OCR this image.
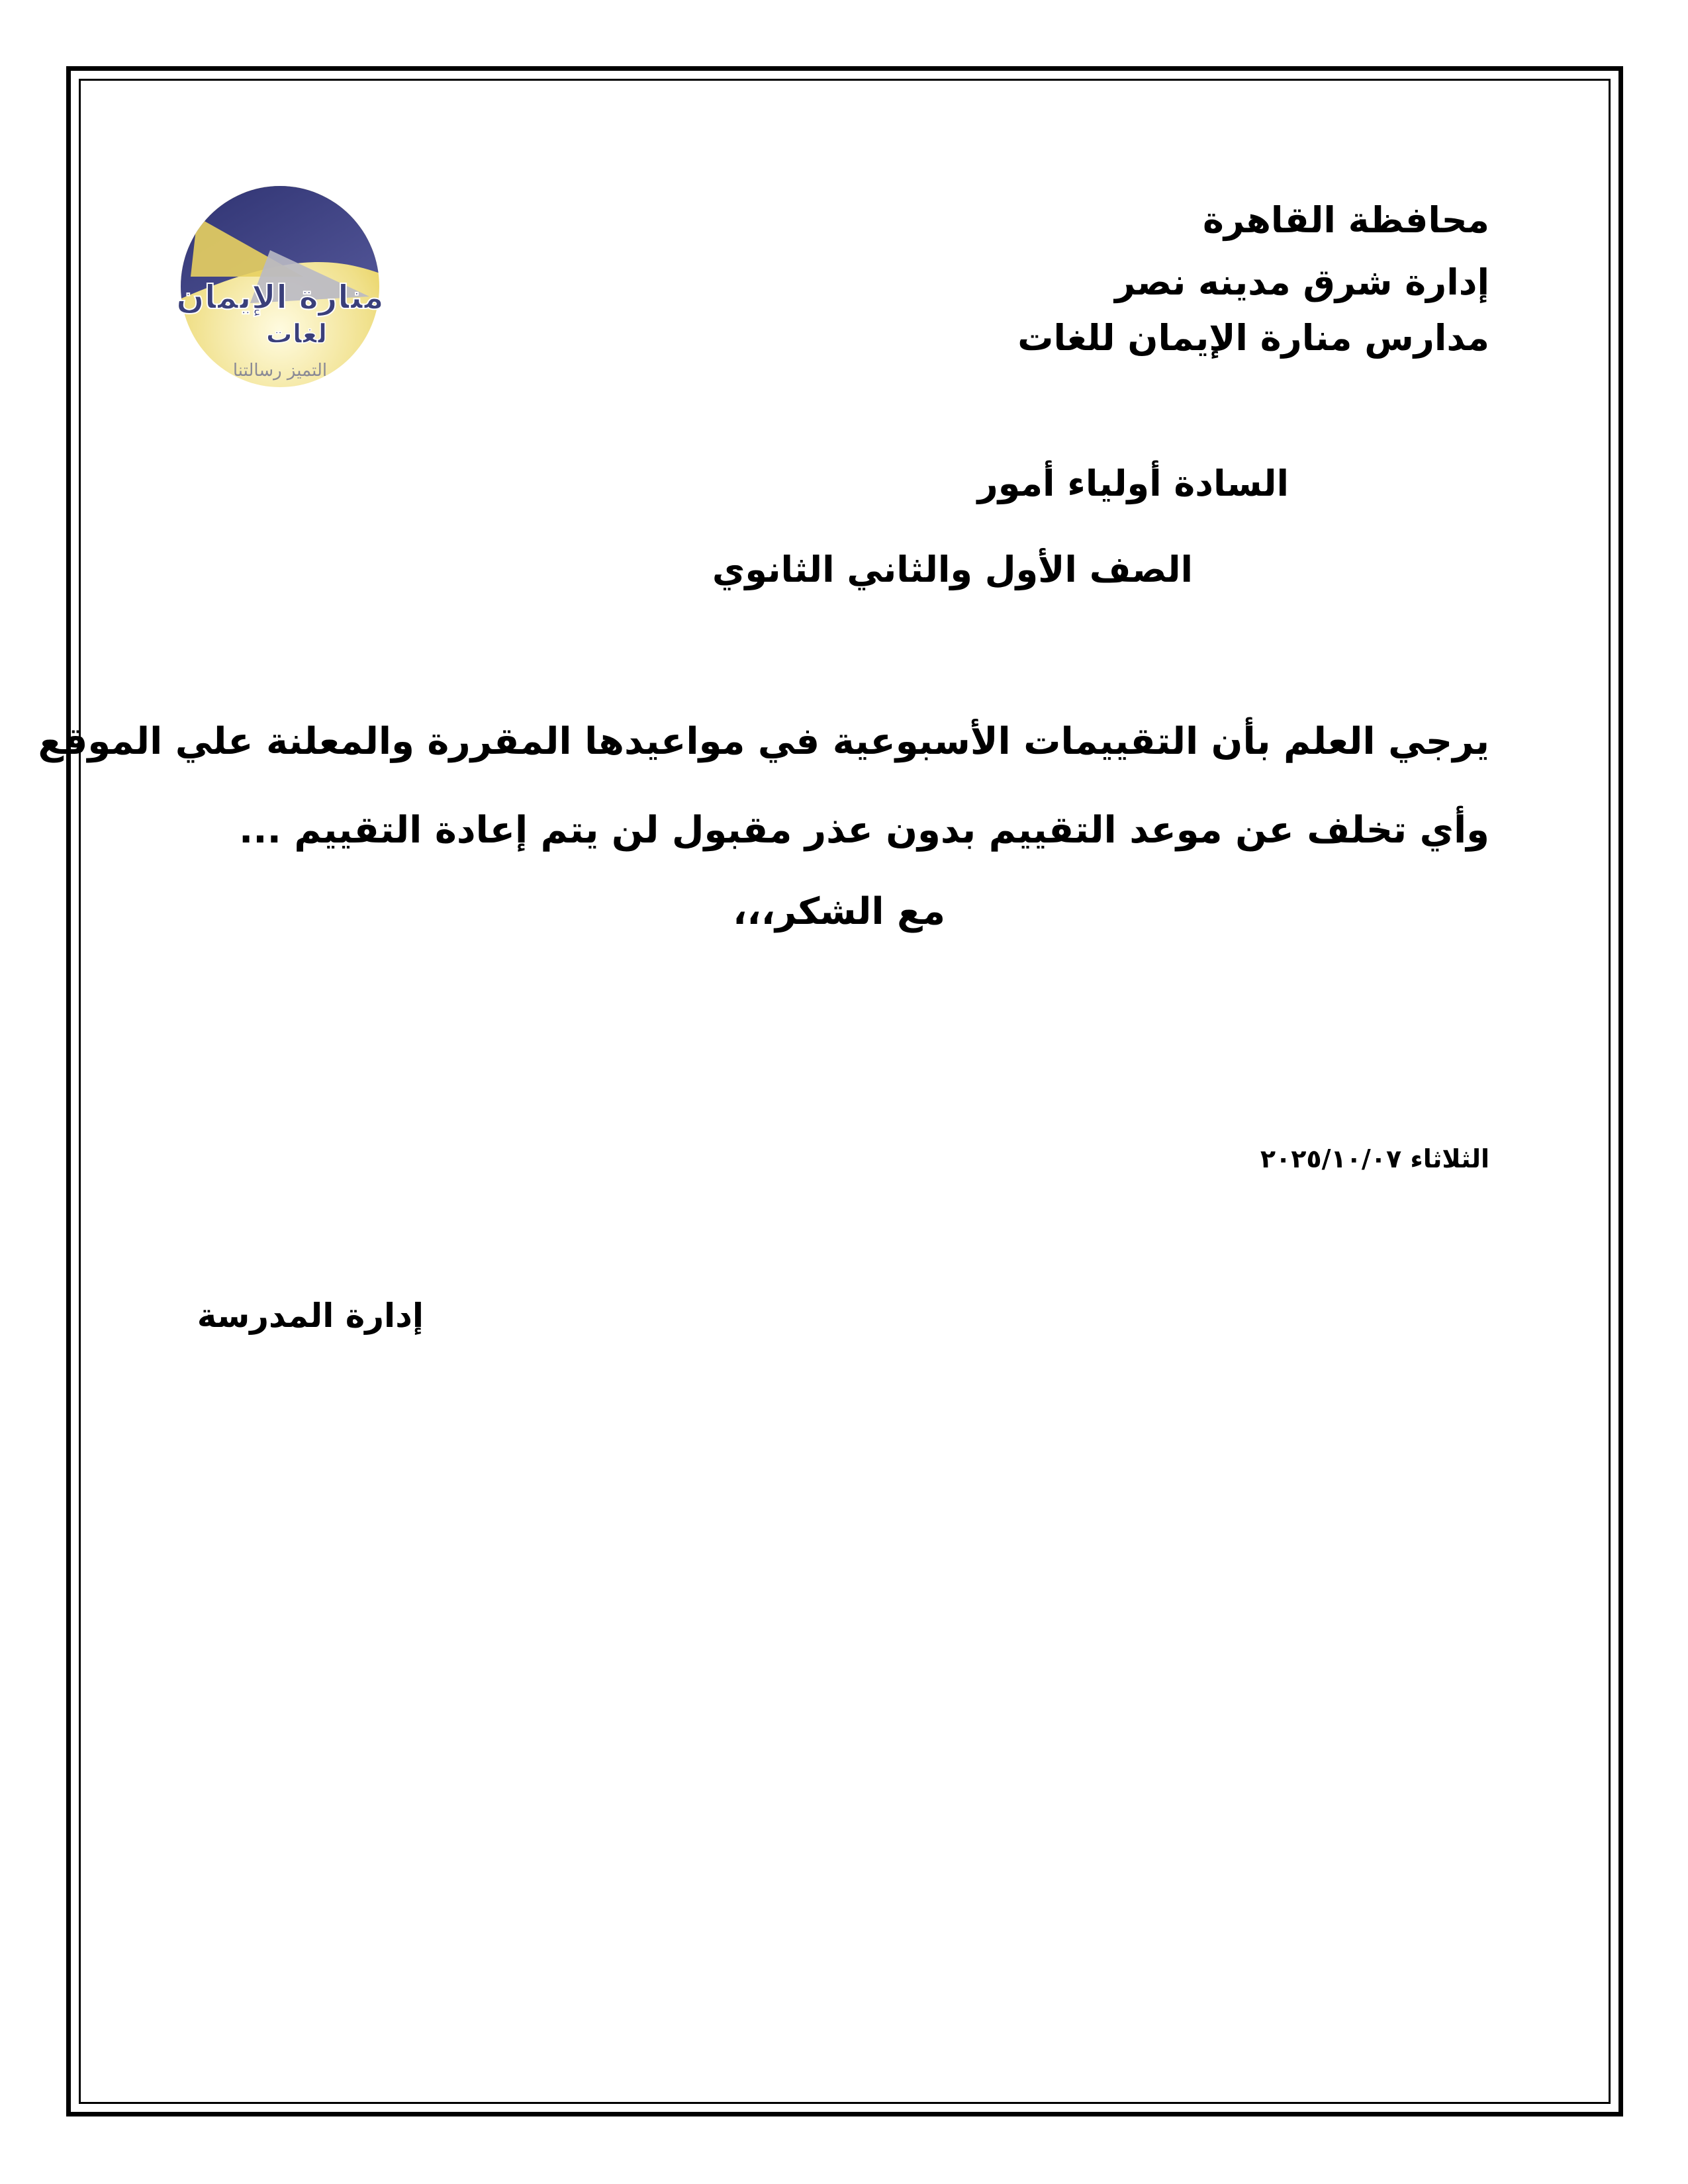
محافظة القاهرة
إدارة شرق مدينه نصر
مدارس منارة الإيمان للغات
منارة الإيمان
لغات
التميز رسالتنا
السادة أولياء أمور
الصف الأول والثاني الثانوي
يرجي العلم بأن التقييمات الأسبوعية في مواعيدها المقررة والمعلنة علي الموقع
وأي تخلف عن موعد التقييم بدون عذر مقبول لن يتم إعادة التقييم ...
مع الشكر،،،
الثلاثاء ٢٠٢٥/١٠/٠٧
إدارة المدرسة
